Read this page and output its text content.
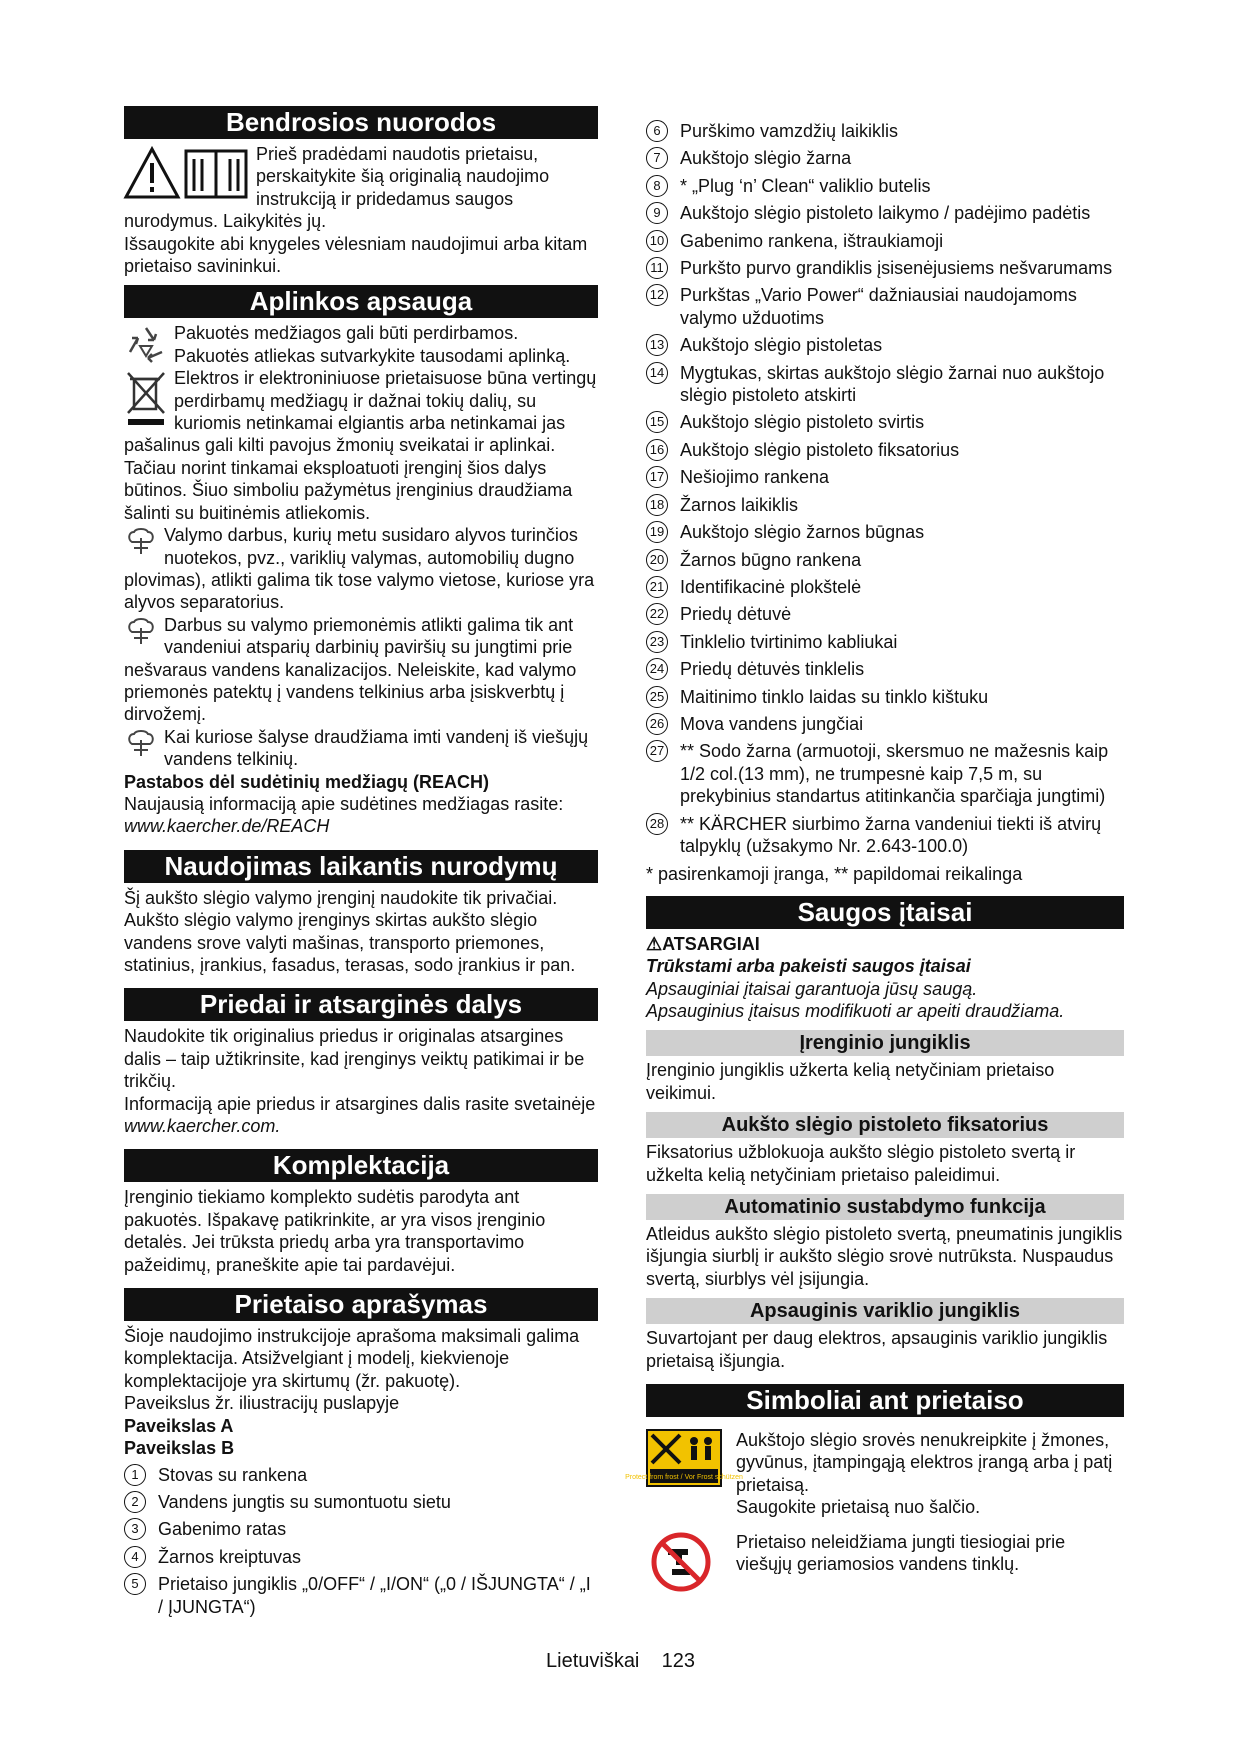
Bendrosios nuorodos

Prieš pradėdami naudotis prietaisu, perskaitykite šią originalią naudojimo instrukciją ir pridedamus saugos nurodymus. Laikykitės jų.

Išsaugokite abi knygeles vėlesniam naudojimui arba kitam prietaiso savininkui.

Aplinkos apsauga

Pakuotės medžiagos gali būti perdirbamos. Pakuotės atliekas sutvarkykite tausodami aplinką.

Elektros ir elektroniniuose prietaisuose būna vertingų perdirbamų medžiagų ir dažnai tokių dalių, su kuriomis netinkamai elgiantis arba netinkamai jas pašalinus gali kilti pavojus žmonių sveikatai ir aplinkai. Tačiau norint tinkamai eksploatuoti įrenginį šios dalys būtinos. Šiuo simboliu pažymėtus įrenginius draudžiama šalinti su buitinėmis atliekomis.

Valymo darbus, kurių metu susidaro alyvos turinčios nuotekos, pvz., variklių valymas, automobilių dugno plovimas), atlikti galima tik tose valymo vietose, kuriose yra alyvos separatorius.

Darbus su valymo priemonėmis atlikti galima tik ant vandeniui atsparių darbinių paviršių su jungtimi prie nešvaraus vandens kanalizacijos. Neleiskite, kad valymo priemonės patektų į vandens telkinius arba įsiskverbtų į dirvožemį.

Kai kuriose šalyse draudžiama imti vandenį iš viešųjų vandens telkinių.

Pastabos dėl sudėtinių medžiagų (REACH)

Naujausią informaciją apie sudėtines medžiagas rasite:

www.kaercher.de/REACH

Naudojimas laikantis nurodymų

Šį aukšto slėgio valymo įrenginį naudokite tik privačiai. Aukšto slėgio valymo įrenginys skirtas aukšto slėgio vandens srove valyti mašinas, transporto priemones, statinius, įrankius, fasadus, terasas, sodo įrankius ir pan.

Priedai ir atsarginės dalys

Naudokite tik originalius priedus ir originalas atsargines dalis – taip užtikrinsite, kad įrenginys veiktų patikimai ir be trikčių.

Informaciją apie priedus ir atsargines dalis rasite svetainėje www.kaercher.com.

Komplektacija

Įrenginio tiekiamo komplekto sudėtis parodyta ant pakuotės. Išpakavę patikrinkite, ar yra visos įrenginio detalės. Jei trūksta priedų arba yra transportavimo pažeidimų, praneškite apie tai pardavėjui.

Prietaiso aprašymas

Šioje naudojimo instrukcijoje aprašoma maksimali galima komplektacija. Atsižvelgiant į modelį, kiekvienoje komplektacijoje yra skirtumų (žr. pakuotę).

Paveikslus žr. iliustracijų puslapyje

Paveikslas A

Paveikslas B

1	Stovas su rankena
2	Vandens jungtis su sumontuotu sietu
3	Gabenimo ratas
4	Žarnos kreiptuvas
5	Prietaiso jungiklis „0/OFF“ / „I/ON“ („0 / IŠJUNGTA“ / „I / ĮJUNGTA“)
6	Purškimo vamzdžių laikiklis
7	Aukštojo slėgio žarna
8	* „Plug ‘n’ Clean“ valiklio butelis
9	Aukštojo slėgio pistoleto laikymo / padėjimo padėtis
10 Gabenimo rankena, ištraukiamoji
11 Purkšto purvo grandiklis įsisenėjusiems nešvarumams
12 Purkštas „Vario Power“ dažniausiai naudojamoms valymo užduotims
13 Aukštojo slėgio pistoletas
14 Mygtukas, skirtas aukštojo slėgio žarnai nuo aukštojo slėgio pistoleto atskirti
15 Aukštojo slėgio pistoleto svirtis
16 Aukštojo slėgio pistoleto fiksatorius
17 Nešiojimo rankena
18 Žarnos laikiklis
19 Aukštojo slėgio žarnos būgnas
20 Žarnos būgno rankena
21 Identifikacinė plokštelė
22 Priedų dėtuvė
23 Tinklelio tvirtinimo kabliukai
24 Priedų dėtuvės tinklelis
25 Maitinimo tinklo laidas su tinklo kištuku
26 Mova vandens jungčiai
27 ** Sodo žarna (armuotoji, skersmuo ne mažesnis kaip 1/2 col.(13 mm), ne trumpesnė kaip 7,5 m, su prekybinius standartus atitinkančia sparčiąja jungtimi)
28 ** KÄRCHER siurbimo žarna vandeniui tiekti iš atvirų talpyklų (užsakymo Nr. 2.643-100.0)

* pasirenkamoji įranga, ** papildomai reikalinga

Saugos įtaisai

⚠ATSARGIAI

Trūkstami arba pakeisti saugos įtaisai

Apsauginiai įtaisai garantuoja jūsų saugą.

Apsauginius įtaisus modifikuoti ar apeiti draudžiama.

Įrenginio jungiklis

Įrenginio jungiklis užkerta kelią netyčiniam prietaiso veikimui.

Aukšto slėgio pistoleto fiksatorius

Fiksatorius užblokuoja aukšto slėgio pistoleto svertą ir užkelta kelią netyčiniam prietaiso paleidimui.

Automatinio sustabdymo funkcija

Atleidus aukšto slėgio pistoleto svertą, pneumatinis jungiklis išjungia siurblį ir aukšto slėgio srovė nutrūksta. Nuspaudus svertą, siurblys vėl įsijungia.

Apsauginis variklio jungiklis

Suvartojant per daug elektros, apsauginis variklio jungiklis prietaisą išjungia.

Simboliai ant prietaiso
Protect from frost / Vor Frost schützen

Aukštojo slėgio srovės nenukreipkite į žmones, gyvūnus, įtampingąją elektros įrangą arba į patį prietaisą.

Saugokite prietaisą nuo šalčio.

Prietaiso neleidžiama jungti tiesiogiai prie viešųjų geriamosios vandens tinklų.

Lietuviškai 123
